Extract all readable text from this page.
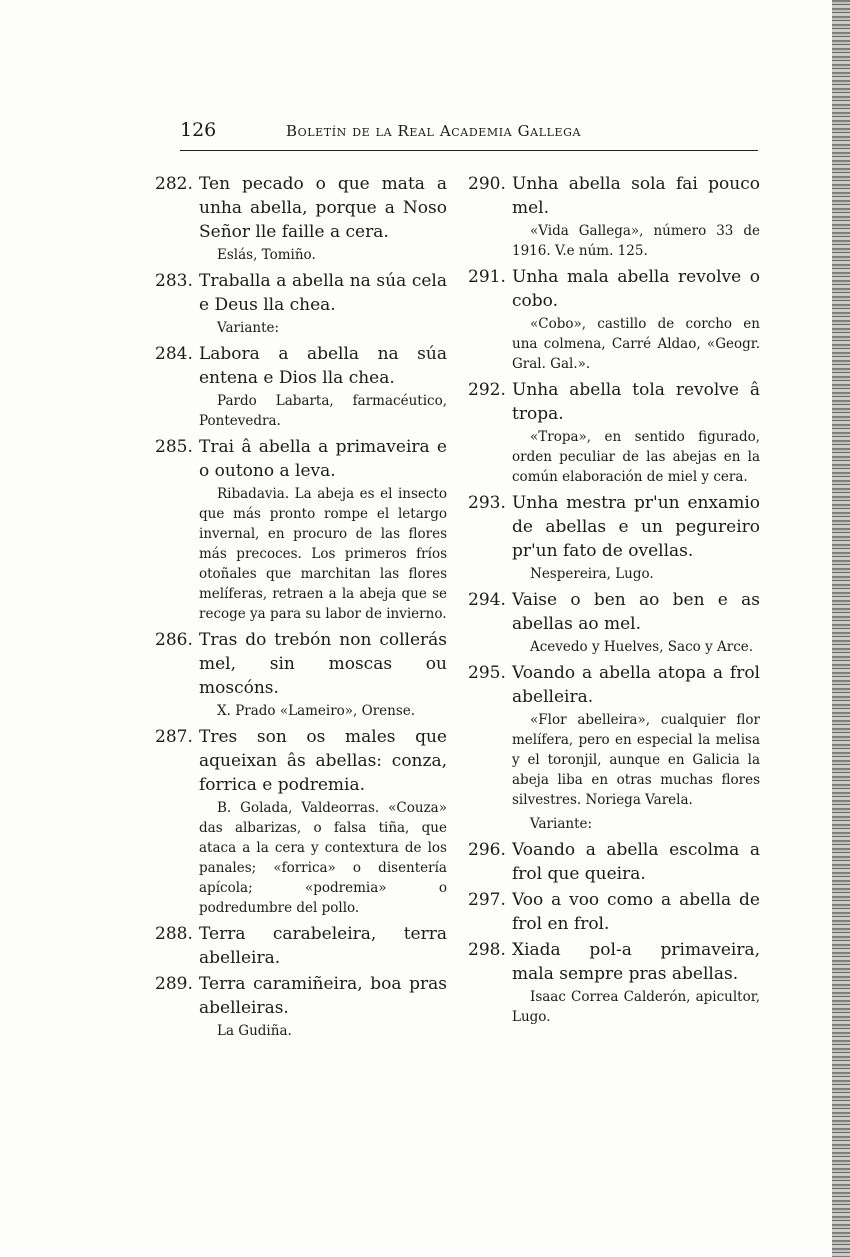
126	Boletín de la Real Academia Gallega
282. Ten pecado o que mata a unha abella, porque a Noso Señor lle faille a cera.
Eslás, Tomiño.
283. Traballa a abella na súa cela e Deus lla chea.
Variante:
284. Labora a abella na súa entena e Dios lla chea.
Pardo Labarta, farmacéutico, Pontevedra.
285. Trai â abella a primaveira e o outono a leva.
Ribadavia. La abeja es el insecto que más pronto rompe el letargo invernal, en procuro de las flores más precoces. Los primeros fríos otoñales que marchitan las flores melíferas, retraen a la abeja que se recoge ya para su labor de invierno.
286. Tras do trebón non collerás mel, sin moscas ou moscóns.
X. Prado «Lameiro», Orense.
287. Tres son os males que aqueixan âs abellas: conza, forrica e podremia.
B. Golada, Valdeorras. «Couza» das albarizas, o falsa tiña, que ataca a la cera y contextura de los panales; «forrica» o disentería apícola; «podremia» o podredumbre del pollo.
288. Terra carabeleira, terra abelleira.
289. Terra caramiñeira, boa pras abelleiras.
La Gudiña.
290. Unha abella sola fai pouco mel.
«Vida Gallega», número 33 de 1916. V.e núm. 125.
291. Unha mala abella revolve o cobo.
«Cobo», castillo de corcho en una colmena, Carré Aldao, «Geogr. Gral. Gal.».
292. Unha abella tola revolve â tropa.
«Tropa», en sentido figurado, orden peculiar de las abejas en la común elaboración de miel y cera.
293. Unha mestra pr'un enxamio de abellas e un pegureiro pr'un fato de ovellas.
Nespereira, Lugo.
294. Vaise o ben ao ben e as abellas ao mel.
Acevedo y Huelves, Saco y Arce.
295. Voando a abella atopa a frol abelleira.
«Flor abelleira», cualquier flor melífera, pero en especial la melisa y el toronjil, aunque en Galicia la abeja liba en otras muchas flores silvestres. Noriega Varela.
Variante:
296. Voando a abella escolma a frol que queira.
297. Voo a voo como a abella de frol en frol.
298. Xiada pol-a primaveira, mala sempre pras abellas.
Isaac Correa Calderón, apicultor, Lugo.
